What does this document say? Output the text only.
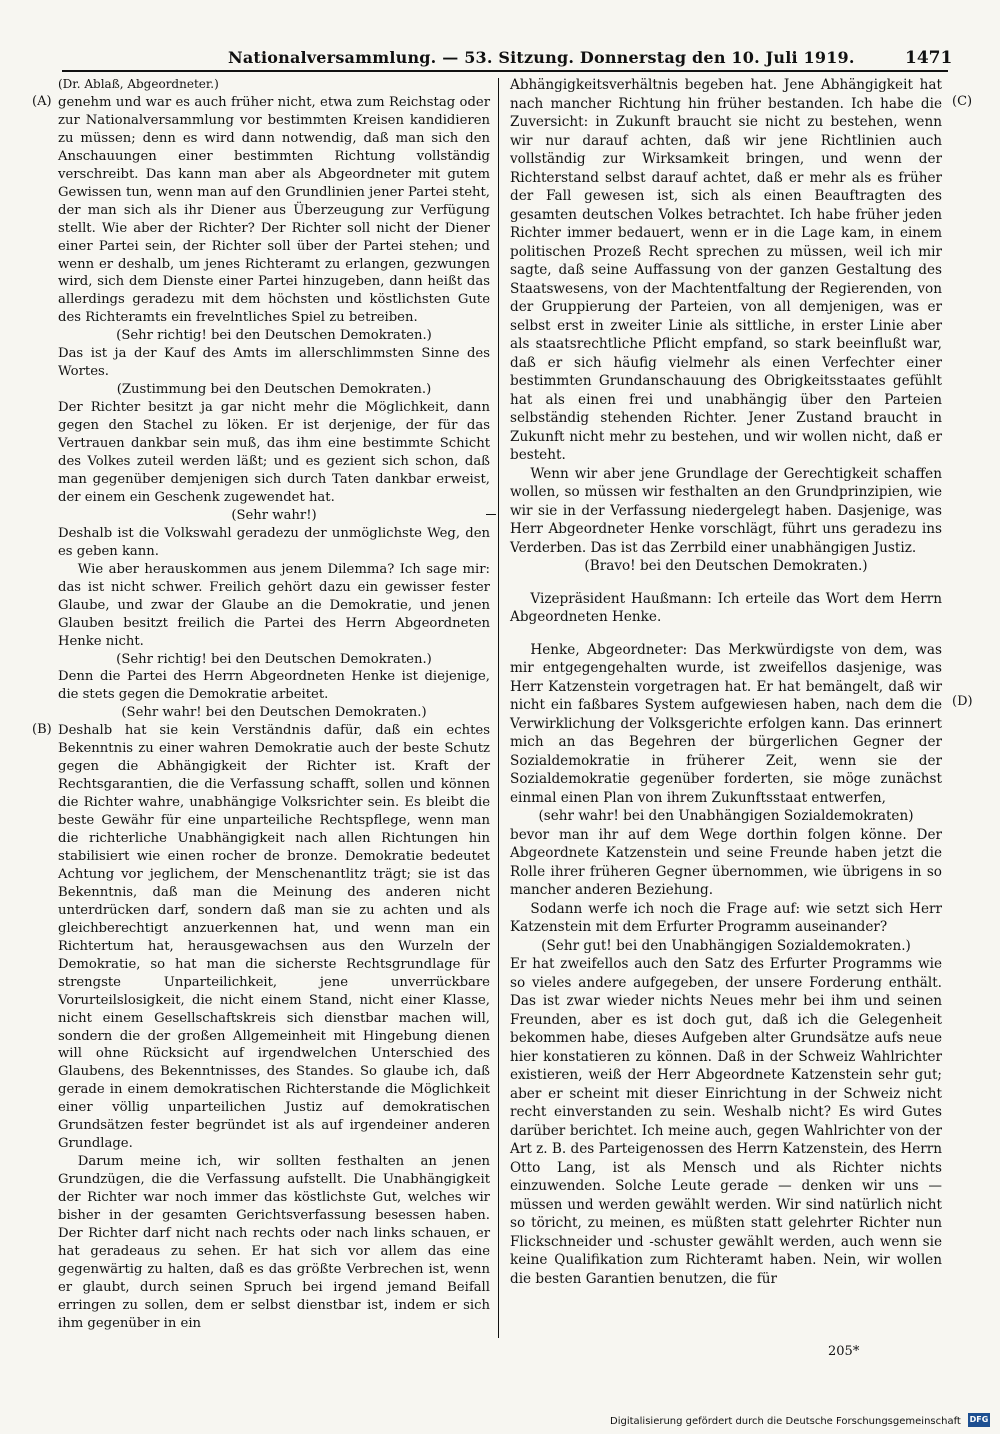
Nationalversammlung. — 53. Sitzung. Donnerstag den 10. Juli 1919.	1471
(A)
(B)
(C)
(D)

(Dr. Ablaß, Abgeordneter.)

genehm und war es auch früher nicht, etwa zum Reichstag oder zur Nationalversammlung vor bestimmten Kreisen kandidieren zu müssen; denn es wird dann notwendig, daß man sich den Anschauungen einer bestimmten Richtung vollständig verschreibt. Das kann man aber als Abgeordneter mit gutem Gewissen tun, wenn man auf den Grundlinien jener Partei steht, der man sich als ihr Diener aus Überzeugung zur Verfügung stellt. Wie aber der Richter? Der Richter soll nicht der Diener einer Partei sein, der Richter soll über der Partei stehen; und wenn er deshalb, um jenes Richteramt zu erlangen, gezwungen wird, sich dem Dienste einer Partei hinzugeben, dann heißt das allerdings geradezu mit dem höchsten und köstlichsten Gute des Richteramts ein frevelntliches Spiel zu betreiben.

(Sehr richtig! bei den Deutschen Demokraten.)

Das ist ja der Kauf des Amts im allerschlimmsten Sinne des Wortes.

(Zustimmung bei den Deutschen Demokraten.)

Der Richter besitzt ja gar nicht mehr die Möglichkeit, dann gegen den Stachel zu löken. Er ist derjenige, der für das Vertrauen dankbar sein muß, das ihm eine bestimmte Schicht des Volkes zuteil werden läßt; und es gezient sich schon, daß man gegenüber demjenigen sich durch Taten dankbar erweist, der einem ein Geschenk zugewendet hat.

(Sehr wahr!)

Deshalb ist die Volkswahl geradezu der unmöglichste Weg, den es geben kann.

Wie aber herauskommen aus jenem Dilemma? Ich sage mir: das ist nicht schwer. Freilich gehört dazu ein gewisser fester Glaube, und zwar der Glaube an die Demokratie, und jenen Glauben besitzt freilich die Partei des Herrn Abgeordneten Henke nicht.

(Sehr richtig! bei den Deutschen Demokraten.)

Denn die Partei des Herrn Abgeordneten Henke ist diejenige, die stets gegen die Demokratie arbeitet.

(Sehr wahr! bei den Deutschen Demokraten.)

Deshalb hat sie kein Verständnis dafür, daß ein echtes Bekenntnis zu einer wahren Demokratie auch der beste Schutz gegen die Abhängigkeit der Richter ist. Kraft der Rechtsgarantien, die die Verfassung schafft, sollen und können die Richter wahre, unabhängige Volksrichter sein. Es bleibt die beste Gewähr für eine unparteiliche Rechtspflege, wenn man die richterliche Unabhängigkeit nach allen Richtungen hin stabilisiert wie einen rocher de bronze. Demokratie bedeutet Achtung vor jeglichem, der Menschenantlitz trägt; sie ist das Bekenntnis, daß man die Meinung des anderen nicht unterdrücken darf, sondern daß man sie zu achten und als gleichberechtigt anzuerkennen hat, und wenn man ein Richtertum hat, herausgewachsen aus den Wurzeln der Demokratie, so hat man die sicherste Rechtsgrundlage für strengste Unparteilichkeit, jene unverrückbare Vorurteilslosigkeit, die nicht einem Stand, nicht einer Klasse, nicht einem Gesellschaftskreis sich dienstbar machen will, sondern die der großen Allgemeinheit mit Hingebung dienen will ohne Rücksicht auf irgendwelchen Unterschied des Glaubens, des Bekenntnisses, des Standes. So glaube ich, daß gerade in einem demokratischen Richterstande die Möglichkeit einer völlig unparteilichen Justiz auf demokratischen Grundsätzen fester begründet ist als auf irgendeiner anderen Grundlage.

Darum meine ich, wir sollten festhalten an jenen Grundzügen, die die Verfassung aufstellt. Die Unabhängigkeit der Richter war noch immer das köstlichste Gut, welches wir bisher in der gesamten Gerichtsverfassung besessen haben. Der Richter darf nicht nach rechts oder nach links schauen, er hat geradeaus zu sehen. Er hat sich vor allem das eine gegenwärtig zu halten, daß es das größte Verbrechen ist, wenn er glaubt, durch seinen Spruch bei irgend jemand Beifall erringen zu sollen, dem er selbst dienstbar ist, indem er sich ihm gegenüber in ein

Abhängigkeitsverhältnis begeben hat. Jene Abhängigkeit hat nach mancher Richtung hin früher bestanden. Ich habe die Zuversicht: in Zukunft braucht sie nicht zu bestehen, wenn wir nur darauf achten, daß wir jene Richtlinien auch vollständig zur Wirksamkeit bringen, und wenn der Richterstand selbst darauf achtet, daß er mehr als es früher der Fall gewesen ist, sich als einen Beauftragten des gesamten deutschen Volkes betrachtet. Ich habe früher jeden Richter immer bedauert, wenn er in die Lage kam, in einem politischen Prozeß Recht sprechen zu müssen, weil ich mir sagte, daß seine Auffassung von der ganzen Gestaltung des Staatswesens, von der Machtentfaltung der Regierenden, von der Gruppierung der Parteien, von all demjenigen, was er selbst erst in zweiter Linie als sittliche, in erster Linie aber als staatsrechtliche Pflicht empfand, so stark beeinflußt war, daß er sich häufig vielmehr als einen Verfechter einer bestimmten Grundanschauung des Obrigkeitsstaates gefühlt hat als einen frei und unabhängig über den Parteien selbständig stehenden Richter. Jener Zustand braucht in Zukunft nicht mehr zu bestehen, und wir wollen nicht, daß er besteht.

Wenn wir aber jene Grundlage der Gerechtigkeit schaffen wollen, so müssen wir festhalten an den Grundprinzipien, wie wir sie in der Verfassung niedergelegt haben. Dasjenige, was Herr Abgeordneter Henke vorschlägt, führt uns geradezu ins Verderben. Das ist das Zerrbild einer unabhängigen Justiz.

(Bravo! bei den Deutschen Demokraten.)

Vizepräsident Haußmann: Ich erteile das Wort dem Herrn Abgeordneten Henke.

Henke, Abgeordneter: Das Merkwürdigste von dem, was mir entgegengehalten wurde, ist zweifellos dasjenige, was Herr Katzenstein vorgetragen hat. Er hat bemängelt, daß wir nicht ein faßbares System aufgewiesen haben, nach dem die Verwirklichung der Volksgerichte erfolgen kann. Das erinnert mich an das Begehren der bürgerlichen Gegner der Sozialdemokratie in früherer Zeit, wenn sie der Sozialdemokratie gegenüber forderten, sie möge zunächst einmal einen Plan von ihrem Zukunftsstaat entwerfen,

(sehr wahr! bei den Unabhängigen Sozialdemokraten)

bevor man ihr auf dem Wege dorthin folgen könne. Der Abgeordnete Katzenstein und seine Freunde haben jetzt die Rolle ihrer früheren Gegner übernommen, wie übrigens in so mancher anderen Beziehung.

Sodann werfe ich noch die Frage auf: wie setzt sich Herr Katzenstein mit dem Erfurter Programm auseinander?

(Sehr gut! bei den Unabhängigen Sozialdemokraten.)

Er hat zweifellos auch den Satz des Erfurter Programms wie so vieles andere aufgegeben, der unsere Forderung enthält. Das ist zwar wieder nichts Neues mehr bei ihm und seinen Freunden, aber es ist doch gut, daß ich die Gelegenheit bekommen habe, dieses Aufgeben alter Grundsätze aufs neue hier konstatieren zu können. Daß in der Schweiz Wahlrichter existieren, weiß der Herr Abgeordnete Katzenstein sehr gut; aber er scheint mit dieser Einrichtung in der Schweiz nicht recht einverstanden zu sein. Weshalb nicht? Es wird Gutes darüber berichtet. Ich meine auch, gegen Wahlrichter von der Art z. B. des Parteigenossen des Herrn Katzenstein, des Herrn Otto Lang, ist als Mensch und als Richter nichts einzuwenden. Solche Leute gerade — denken wir uns — müssen und werden gewählt werden. Wir sind natürlich nicht so töricht, zu meinen, es müßten statt gelehrter Richter nun Flickschneider und -schuster gewählt werden, auch wenn sie keine Qualifikation zum Richteramt haben. Nein, wir wollen die besten Garantien benutzen, die für

205*
Digitalisierung gefördert durch die Deutsche Forschungsgemeinschaft DFG
